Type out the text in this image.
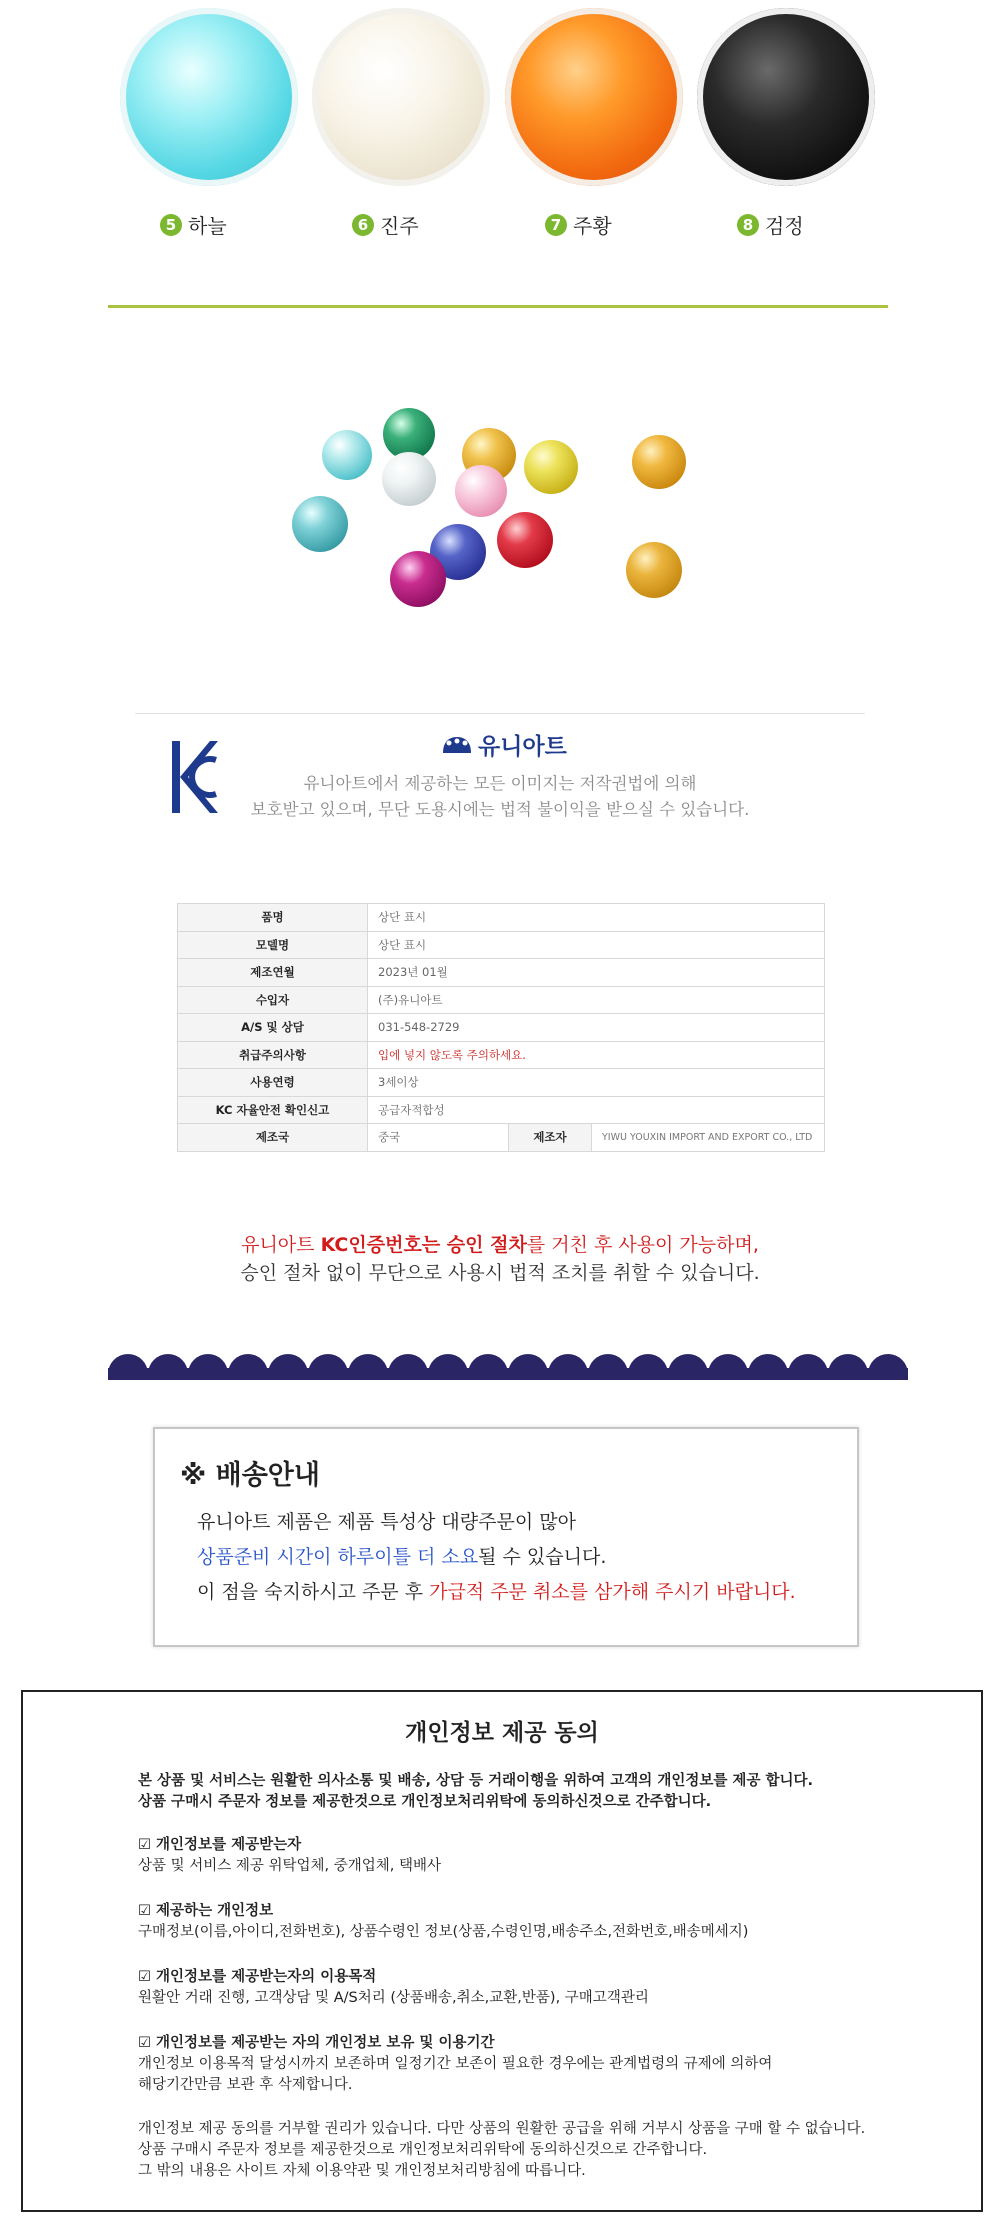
5 하늘	6 진주	7 주황	8 검정
유니아트
유니아트에서 제공하는 모든 이미지는 저작권법에 의해
보호받고 있으며, 무단 도용시에는 법적 불이익을 받으실 수 있습니다.
품명	상단 표시		
모델명	상단 표시		
제조연월	2023년 01월		
수입자	(주)유니아트		
A/S 및 상담	031-548-2729		
취급주의사항	입에 넣지 않도록 주의하세요.		
사용연령	3세이상		
KC 자율안전 확인신고	공급자적합성		
제조국	중국	제조자	YIWU YOUXIN IMPORT AND EXPORT CO., LTD
유니아트 KC인증번호는 승인 절차를 거친 후 사용이 가능하며,
승인 절차 없이 무단으로 사용시 법적 조치를 취할 수 있습니다.
※ 배송안내
유니아트 제품은 제품 특성상 대량주문이 많아
상품준비 시간이 하루이틀 더 소요될 수 있습니다.
이 점을 숙지하시고 주문 후 가급적 주문 취소를 삼가해 주시기 바랍니다.
개인정보 제공 동의
본 상품 및 서비스는 원활한 의사소통 및 배송, 상담 등 거래이행을 위하여 고객의 개인정보를 제공 합니다.
상품 구매시 주문자 정보를 제공한것으로 개인정보처리위탁에 동의하신것으로 간주합니다.
☑ 개인정보를 제공받는자
상품 및 서비스 제공 위탁업체, 중개업체, 택배사
☑ 제공하는 개인정보
구매정보(이름,아이디,전화번호), 상품수령인 정보(상품,수령인명,배송주소,전화번호,배송메세지)
☑ 개인정보를 제공받는자의 이용목적
원활안 거래 진행, 고객상담 및 A/S처리 (상품배송,취소,교환,반품), 구매고객관리
☑ 개인정보를 제공받는 자의 개인정보 보유 및 이용기간
개인정보 이용목적 달성시까지 보존하며 일정기간 보존이 필요한 경우에는 관계법령의 규제에 의하여
해당기간만큼 보관 후 삭제합니다.
개인정보 제공 동의를 거부할 권리가 있습니다. 다만 상품의 원활한 공급을 위해 거부시 상품을 구매 할 수 없습니다.
상품 구매시 주문자 정보를 제공한것으로 개인정보처리위탁에 동의하신것으로 간주합니다.
그 밖의 내용은 사이트 자체 이용약관 및 개인정보처리방침에 따릅니다.
